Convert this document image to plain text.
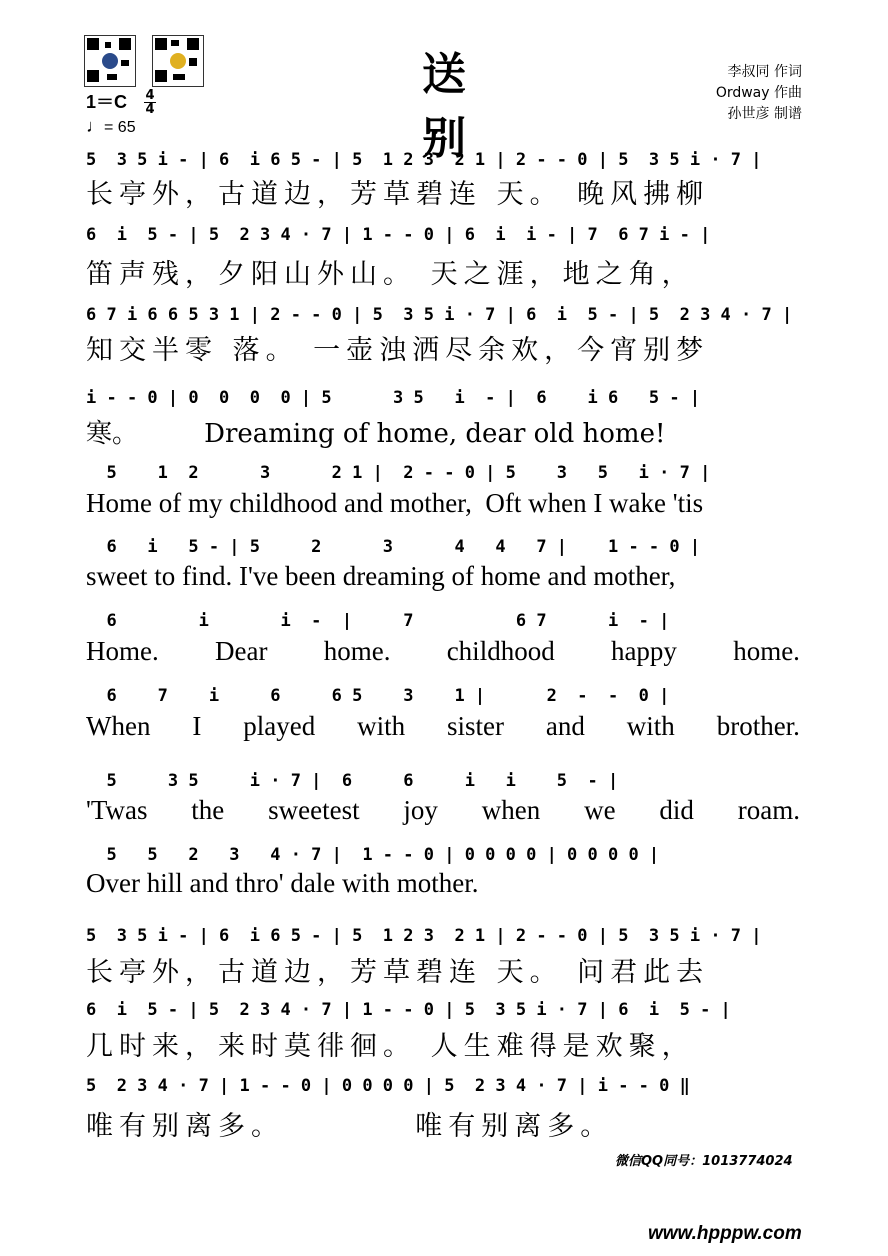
送 别
李叔同 作词
Ordway 作曲
孙世彦 制谱
1＝C 4
4
♩= 65
5  3 5 i - | 6  i 6 5 - | 5  1 2 3  2 1 | 2 - - 0 | 5  3 5 i · 7 |
长亭外，古道边，芳草碧连 天。 晚风拂柳
6  i  5 - | 5  2 3 4 · 7 | 1 - - 0 | 6  i  i - | 7  6 7 i - |
笛声残，夕阳山外山。 天之涯，地之角，
6 7 i 6 6 5 3 1 | 2 - - 0 | 5  3 5 i · 7 | 6  i  5 - | 5  2 3 4 · 7 |
知交半零 落。 一壶浊洒尽余欢，今宵别梦
i - - 0 | 0  0  0  0 | 5      3 5   i  - |  6    i 6   5 - |
寒。        Dreaming of home, dear old home!
5    1  2      3      2 1 |  2 - - 0 | 5    3   5   i · 7 |
Home of my childhood and mother,  Oft when I wake 'tis
6   i   5 - | 5     2      3      4   4   7 |    1 - - 0 |
sweet to find. I've been dreaming of home and mother,
6        i       i  -  |     7          6 7      i  - |
Home. Dear home. childhood happy home.
6    7    i     6     6 5    3    1 |      2  -  -  0 |
When I played with sister and with brother.
5     3 5     i · 7 |  6     6     i   i    5  - |
'Twas the sweetest joy when we did roam.
5   5   2   3   4 · 7 |  1 - - 0 | 0 0 0 0 | 0 0 0 0 |
Over hill and thro' dale with mother.
5  3 5 i - | 6  i 6 5 - | 5  1 2 3  2 1 | 2 - - 0 | 5  3 5 i · 7 |
长亭外，古道边，芳草碧连 天。 问君此去
6  i  5 - | 5  2 3 4 · 7 | 1 - - 0 | 5  3 5 i · 7 | 6  i  5 - |
几时来，来时莫徘徊。 人生难得是欢聚，
5  2 3 4 · 7 | 1 - - 0 | 0 0 0 0 | 5  2 3 4 · 7 | i - - 0 ‖
唯有别离多。         唯有别离多。
微信QQ同号：1013774024
www.hpppw.com
